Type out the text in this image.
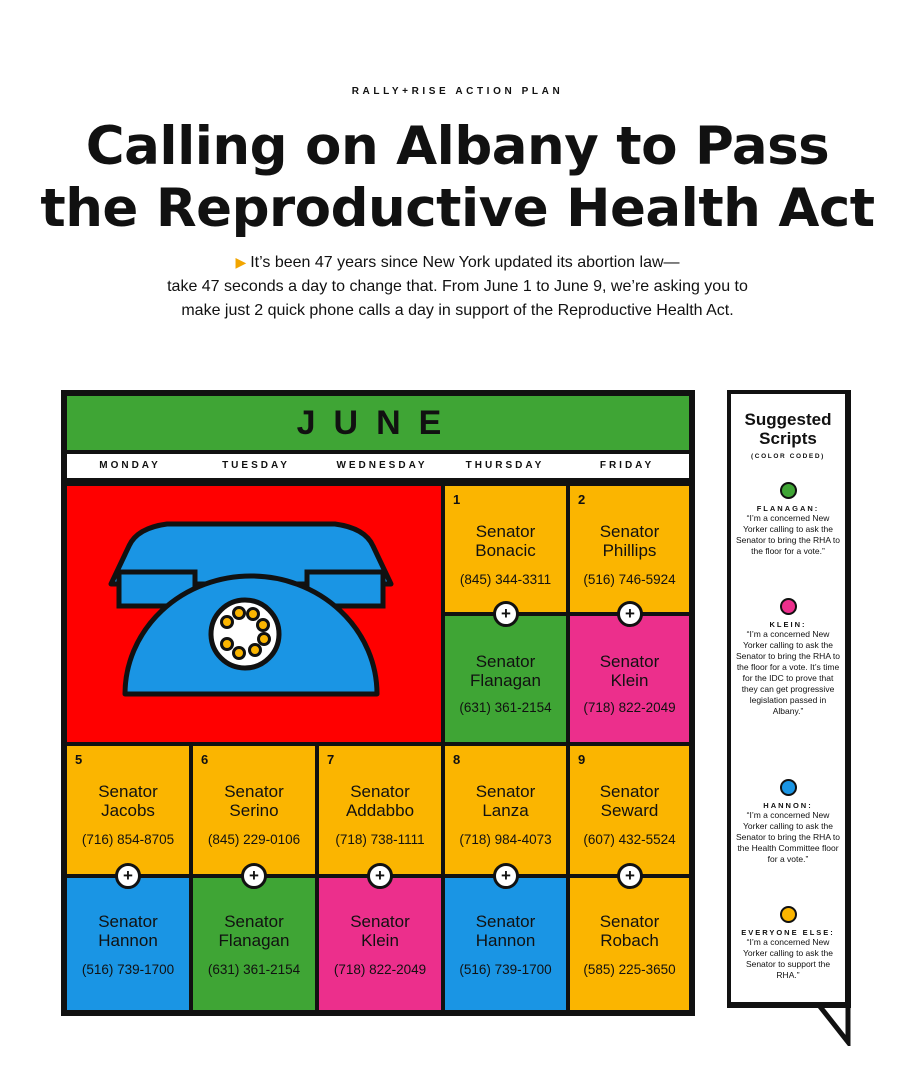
RALLY+RISE ACTION PLAN
Calling on Albany to Pass
the Reproductive Health Act
▶ It’s been 47 years since New York updated its abortion law—
take 47 seconds a day to change that. From June 1 to June 9, we’re asking you to
make just 2 quick phone calls a day in support of the Reproductive Health Act.
JUNE
MONDAY	TUESDAY	WEDNESDAY	THURSDAY	FRIDAY
1
Senator
Bonacic
(845) 344-3311
Senator
Flanagan
(631) 361-2154
+
2
Senator
Phillips
(516) 746-5924
Senator
Klein
(718) 822-2049
+
5
Senator
Jacobs
(716) 854-8705
Senator
Hannon
(516) 739-1700
+
6
Senator
Serino
(845) 229-0106
Senator
Flanagan
(631) 361-2154
+
7
Senator
Addabbo
(718) 738-1111
Senator
Klein
(718) 822-2049
+
8
Senator
Lanza
(718) 984-4073
Senator
Hannon
(516) 739-1700
+
9
Senator
Seward
(607) 432-5524
Senator
Robach
(585) 225-3650
+
Suggested
Scripts
(COLOR CODED)
FLANAGAN:
“I’m a concerned New Yorker calling to ask the Senator to bring the RHA to the floor for a vote.”
KLEIN:
“I’m a concerned New Yorker calling to ask the Senator to bring the RHA to the floor for a vote. It’s time for the IDC to prove that they can get progressive legislation passed in Albany.”
HANNON:
“I’m a concerned New Yorker calling to ask the Senator to bring the RHA to the Health Committee floor for a vote.”
EVERYONE ELSE:
“I’m a concerned New Yorker calling to ask the Senator to support the RHA.”
